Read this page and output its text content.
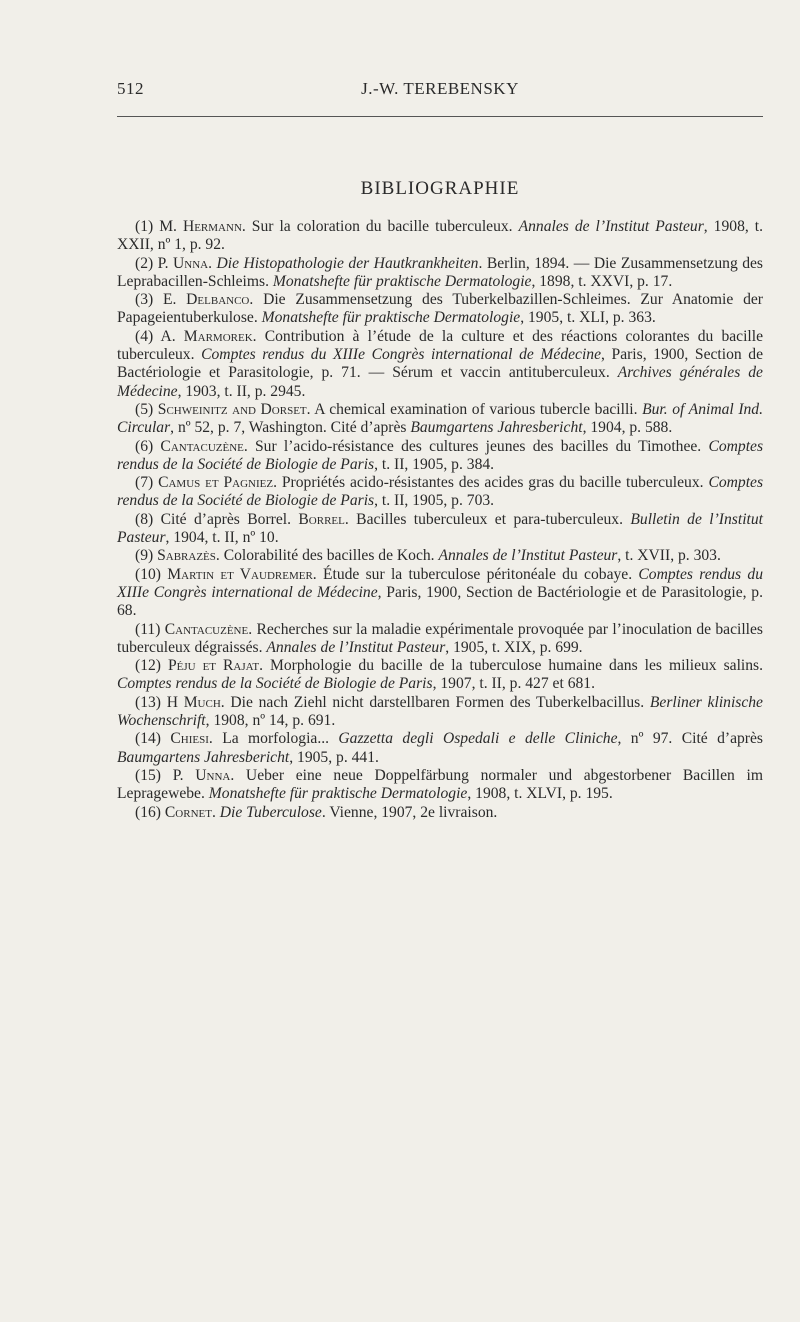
512	J.-W. TEREBENSKY
BIBLIOGRAPHIE

(1) M. Hermann. Sur la coloration du bacille tuberculeux. Annales de l’Institut Pasteur, 1908, t. XXII, nº 1, p. 92.

(2) P. Unna. Die Histopathologie der Hautkrankheiten. Berlin, 1894. — Die Zusammensetzung des Leprabacillen-Schleims. Monatshefte für praktische Dermatologie, 1898, t. XXVI, p. 17.

(3) E. Delbanco. Die Zusammensetzung des Tuberkelbazillen-Schleimes. Zur Anatomie der Papageientuberkulose. Monatshefte für praktische Dermatologie, 1905, t. XLI, p. 363.

(4) A. Marmorek. Contribution à l’étude de la culture et des réactions colorantes du bacille tuberculeux. Comptes rendus du XIIIe Congrès international de Médecine, Paris, 1900, Section de Bactériologie et Parasitologie, p. 71. — Sérum et vaccin antituberculeux. Archives générales de Médecine, 1903, t. II, p. 2945.

(5) Schweinitz and Dorset. A chemical examination of various tubercle bacilli. Bur. of Animal Ind. Circular, nº 52, p. 7, Washington. Cité d’après Baumgartens Jahresbericht, 1904, p. 588.

(6) Cantacuzène. Sur l’acido-résistance des cultures jeunes des bacilles du Timothee. Comptes rendus de la Société de Biologie de Paris, t. II, 1905, p. 384.

(7) Camus et Pagniez. Propriétés acido-résistantes des acides gras du bacille tuberculeux. Comptes rendus de la Société de Biologie de Paris, t. II, 1905, p. 703.

(8) Cité d’après Borrel. Borrel. Bacilles tuberculeux et para-tuberculeux. Bulletin de l’Institut Pasteur, 1904, t. II, nº 10.

(9) Sabrazès. Colorabilité des bacilles de Koch. Annales de l’Institut Pasteur, t. XVII, p. 303.

(10) Martin et Vaudremer. Étude sur la tuberculose péritonéale du cobaye. Comptes rendus du XIIIe Congrès international de Médecine, Paris, 1900, Section de Bactériologie et de Parasitologie, p. 68.

(11) Cantacuzène. Recherches sur la maladie expérimentale provoquée par l’inoculation de bacilles tuberculeux dégraissés. Annales de l’Institut Pasteur, 1905, t. XIX, p. 699.

(12) Péju et Rajat. Morphologie du bacille de la tuberculose humaine dans les milieux salins. Comptes rendus de la Société de Biologie de Paris, 1907, t. II, p. 427 et 681.

(13) H Much. Die nach Ziehl nicht darstellbaren Formen des Tuberkelbacillus. Berliner klinische Wochenschrift, 1908, nº 14, p. 691.

(14) Chiesi. La morfologia... Gazzetta degli Ospedali e delle Cliniche, nº 97. Cité d’après Baumgartens Jahresbericht, 1905, p. 441.

(15) P. Unna. Ueber eine neue Doppelfärbung normaler und abgestorbener Bacillen im Lepragewebe. Monatshefte für praktische Dermatologie, 1908, t. XLVI, p. 195.

(16) Cornet. Die Tuberculose. Vienne, 1907, 2e livraison.
